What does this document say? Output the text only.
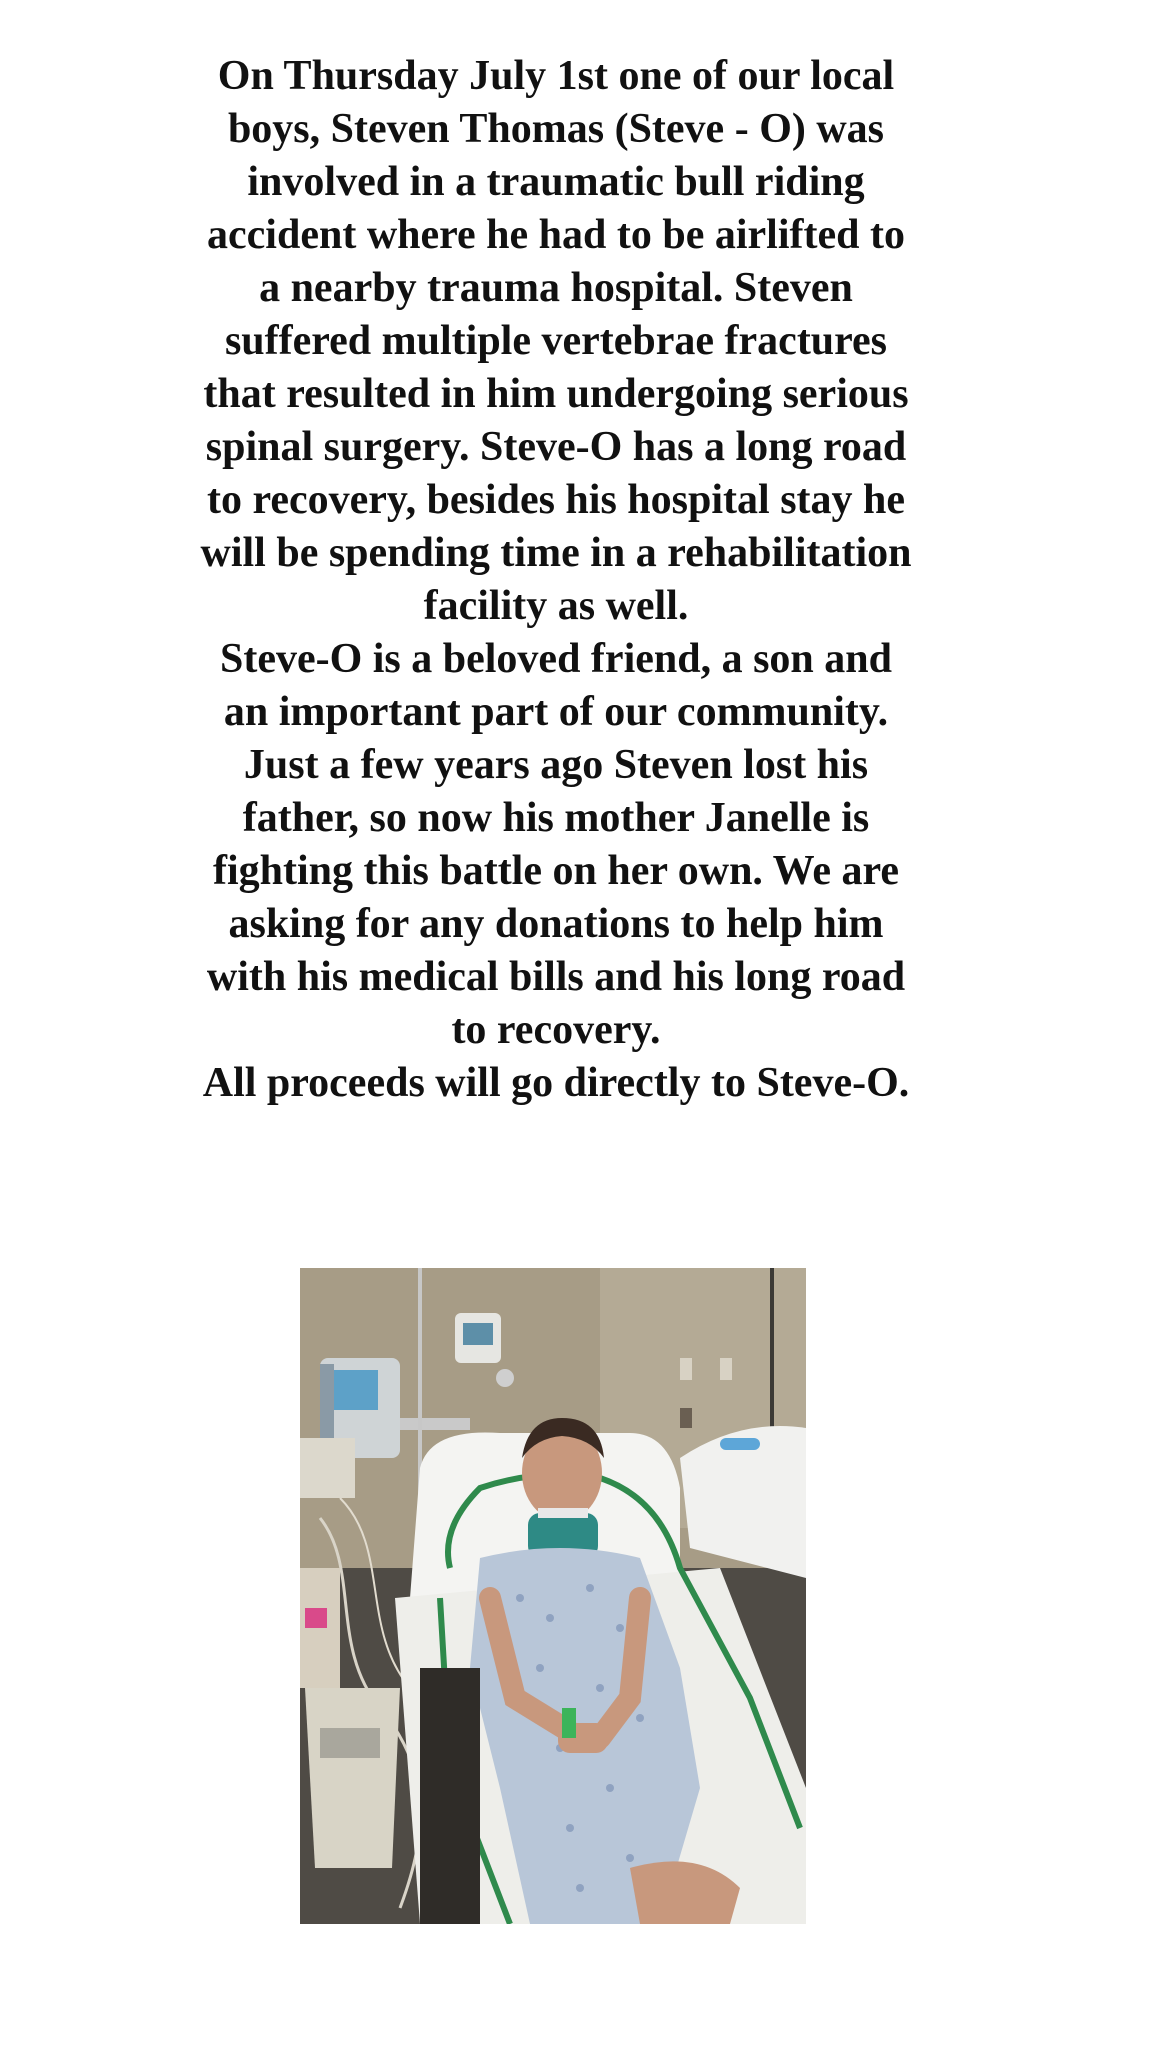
On Thursday July 1st one of our local boys, Steven Thomas (Steve - O) was involved in a traumatic bull riding accident where he had to be airlifted to a nearby trauma hospital. Steven suffered multiple vertebrae fractures that resulted in him undergoing serious spinal surgery. Steve-O has a long road to recovery, besides his hospital stay he will be spending time in a rehabilitation facility as well.

Steve-O is a beloved friend, a son and an important part of our community. Just a few years ago Steven lost his father, so now his mother Janelle is fighting this battle on her own. We are asking for any donations to help him with his medical bills and his long road to recovery.

All proceeds will go directly to Steve-O.
